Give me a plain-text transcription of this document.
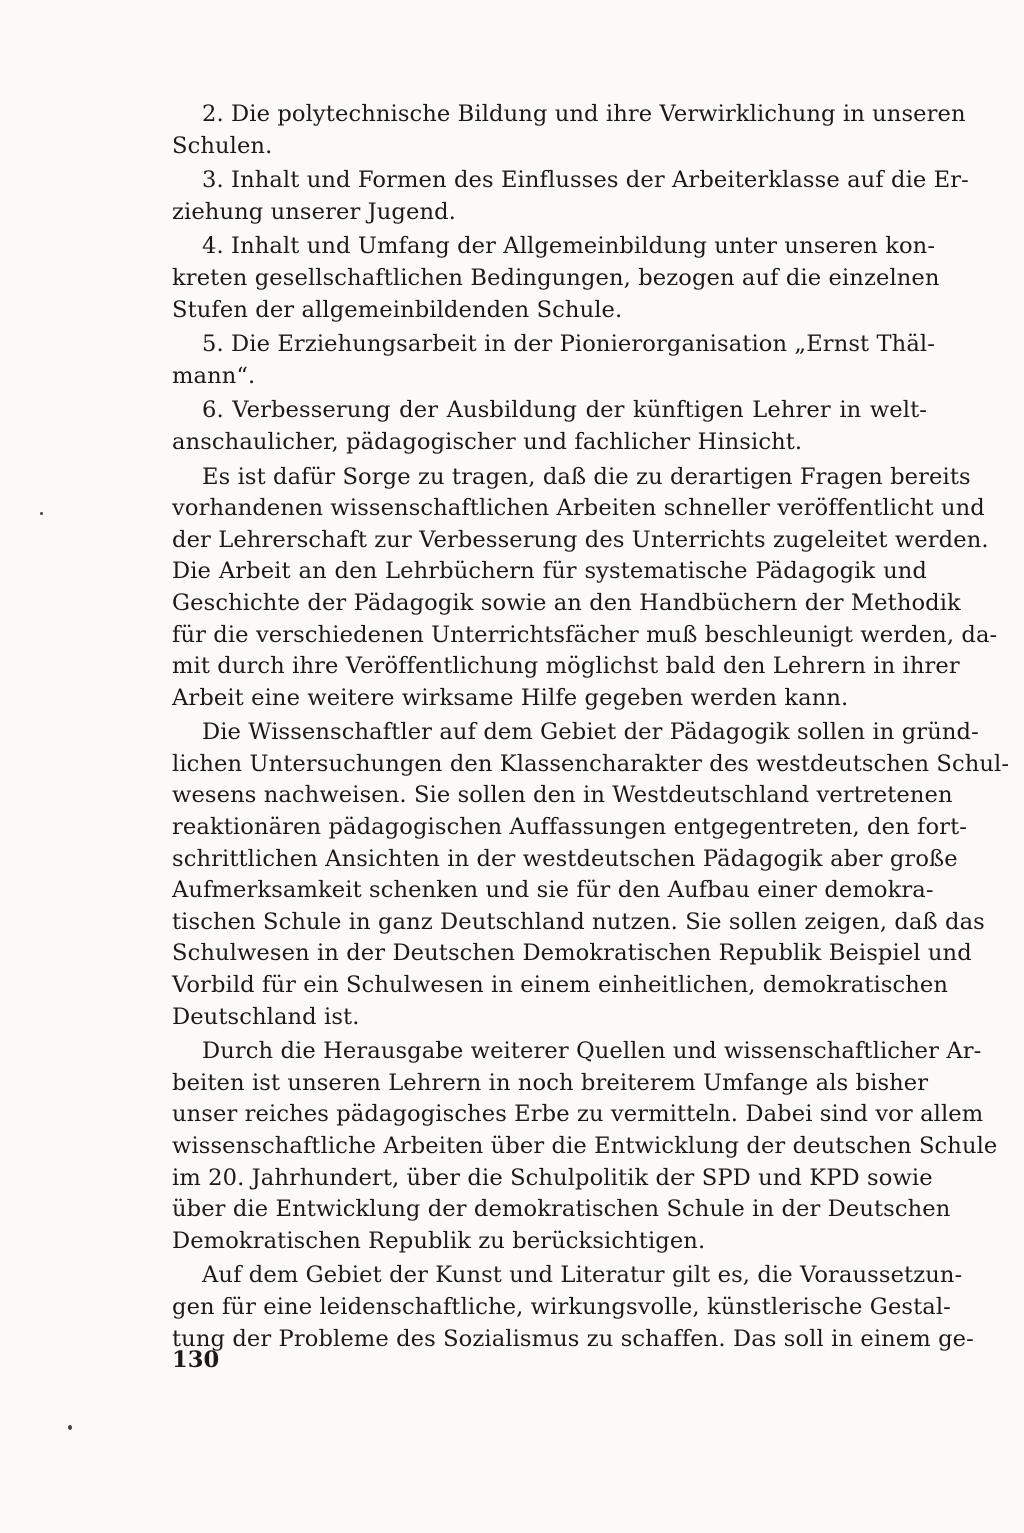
2. Die polytechnische Bildung und ihre Verwirklichung in unseren
Schulen.
3. Inhalt und Formen des Einflusses der Arbeiterklasse auf die Er-
ziehung unserer Jugend.
4. Inhalt und Umfang der Allgemeinbildung unter unseren kon-
kreten gesellschaftlichen Bedingungen, bezogen auf die einzelnen
Stufen der allgemeinbildenden Schule.
5. Die Erziehungsarbeit in der Pionierorganisation „Ernst Thäl-
mann“.
6. Verbesserung der Ausbildung der künftigen Lehrer in welt-
anschaulicher, pädagogischer und fachlicher Hinsicht.
Es ist dafür Sorge zu tragen, daß die zu derartigen Fragen bereits
vorhandenen wissenschaftlichen Arbeiten schneller veröffentlicht und
der Lehrerschaft zur Verbesserung des Unterrichts zugeleitet werden.
Die Arbeit an den Lehrbüchern für systematische Pädagogik und
Geschichte der Pädagogik sowie an den Handbüchern der Methodik
für die verschiedenen Unterrichtsfächer muß beschleunigt werden, da-
mit durch ihre Veröffentlichung möglichst bald den Lehrern in ihrer
Arbeit eine weitere wirksame Hilfe gegeben werden kann.
Die Wissenschaftler auf dem Gebiet der Pädagogik sollen in gründ-
lichen Untersuchungen den Klassencharakter des westdeutschen Schul-
wesens nachweisen. Sie sollen den in Westdeutschland vertretenen
reaktionären pädagogischen Auffassungen entgegentreten, den fort-
schrittlichen Ansichten in der westdeutschen Pädagogik aber große
Aufmerksamkeit schenken und sie für den Aufbau einer demokra-
tischen Schule in ganz Deutschland nutzen. Sie sollen zeigen, daß das
Schulwesen in der Deutschen Demokratischen Republik Beispiel und
Vorbild für ein Schulwesen in einem einheitlichen, demokratischen
Deutschland ist.
Durch die Herausgabe weiterer Quellen und wissenschaftlicher Ar-
beiten ist unseren Lehrern in noch breiterem Umfange als bisher
unser reiches pädagogisches Erbe zu vermitteln. Dabei sind vor allem
wissenschaftliche Arbeiten über die Entwicklung der deutschen Schule
im 20. Jahrhundert, über die Schulpolitik der SPD und KPD sowie
über die Entwicklung der demokratischen Schule in der Deutschen
Demokratischen Republik zu berücksichtigen.
Auf dem Gebiet der Kunst und Literatur gilt es, die Voraussetzun-
gen für eine leidenschaftliche, wirkungsvolle, künstlerische Gestal-
tung der Probleme des Sozialismus zu schaffen. Das soll in einem ge-
130
